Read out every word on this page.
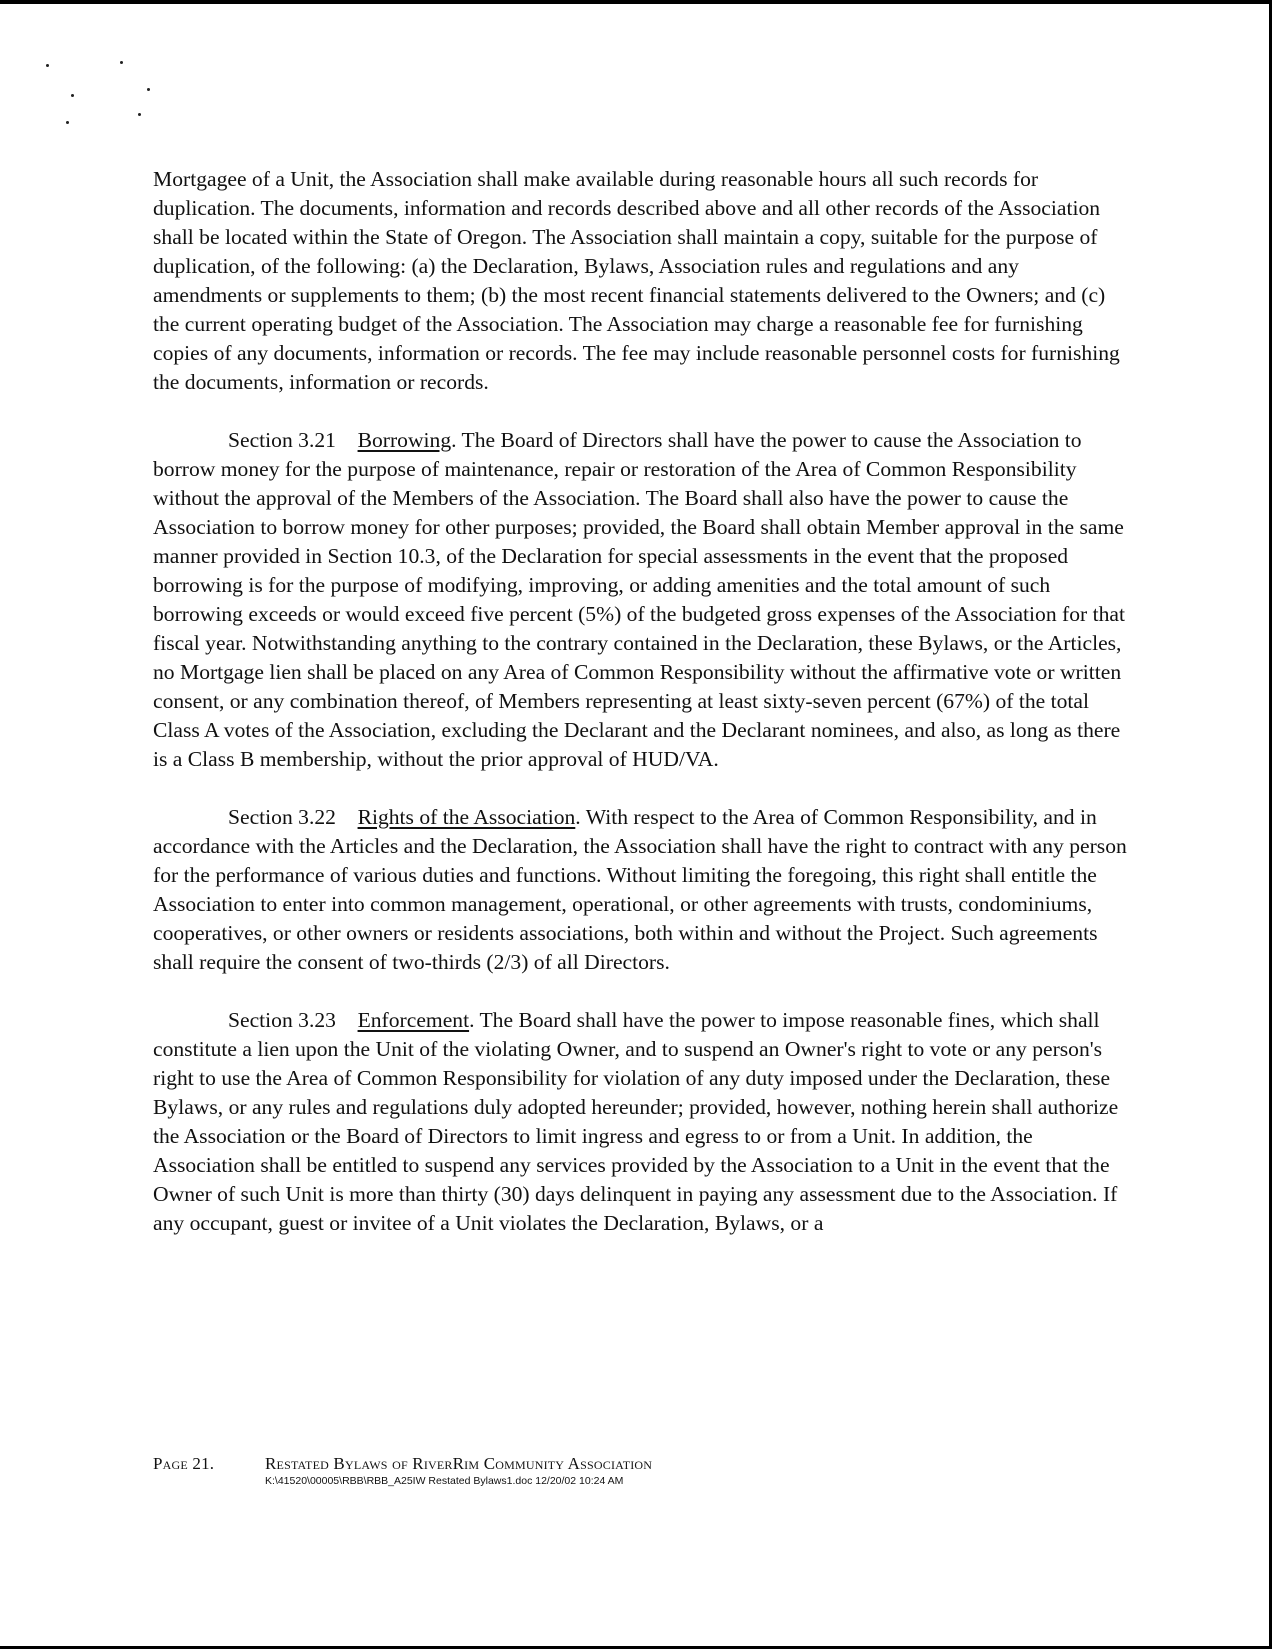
Mortgagee of a Unit, the Association shall make available during reasonable hours all such records for duplication. The documents, information and records described above and all other records of the Association shall be located within the State of Oregon. The Association shall maintain a copy, suitable for the purpose of duplication, of the following: (a) the Declaration, Bylaws, Association rules and regulations and any amendments or supplements to them; (b) the most recent financial statements delivered to the Owners; and (c) the current operating budget of the Association. The Association may charge a reasonable fee for furnishing copies of any documents, information or records. The fee may include reasonable personnel costs for furnishing the documents, information or records.

Section 3.21 Borrowing. The Board of Directors shall have the power to cause the Association to borrow money for the purpose of maintenance, repair or restoration of the Area of Common Responsibility without the approval of the Members of the Association. The Board shall also have the power to cause the Association to borrow money for other purposes; provided, the Board shall obtain Member approval in the same manner provided in Section 10.3, of the Declaration for special assessments in the event that the proposed borrowing is for the purpose of modifying, improving, or adding amenities and the total amount of such borrowing exceeds or would exceed five percent (5%) of the budgeted gross expenses of the Association for that fiscal year. Notwithstanding anything to the contrary contained in the Declaration, these Bylaws, or the Articles, no Mortgage lien shall be placed on any Area of Common Responsibility without the affirmative vote or written consent, or any combination thereof, of Members representing at least sixty-seven percent (67%) of the total Class A votes of the Association, excluding the Declarant and the Declarant nominees, and also, as long as there is a Class B membership, without the prior approval of HUD/VA.

Section 3.22 Rights of the Association. With respect to the Area of Common Responsibility, and in accordance with the Articles and the Declaration, the Association shall have the right to contract with any person for the performance of various duties and functions. Without limiting the foregoing, this right shall entitle the Association to enter into common management, operational, or other agreements with trusts, condominiums, cooperatives, or other owners or residents associations, both within and without the Project. Such agreements shall require the consent of two-thirds (2/3) of all Directors.

Section 3.23 Enforcement. The Board shall have the power to impose reasonable fines, which shall constitute a lien upon the Unit of the violating Owner, and to suspend an Owner's right to vote or any person's right to use the Area of Common Responsibility for violation of any duty imposed under the Declaration, these Bylaws, or any rules and regulations duly adopted hereunder; provided, however, nothing herein shall authorize the Association or the Board of Directors to limit ingress and egress to or from a Unit. In addition, the Association shall be entitled to suspend any services provided by the Association to a Unit in the event that the Owner of such Unit is more than thirty (30) days delinquent in paying any assessment due to the Association. If any occupant, guest or invitee of a Unit violates the Declaration, Bylaws, or a

Page 21.	Restated Bylaws of RiverRim Community Association
K:\41520\00005\RBB\RBB_A25IW Restated Bylaws1.doc 12/20/02 10:24 AM
